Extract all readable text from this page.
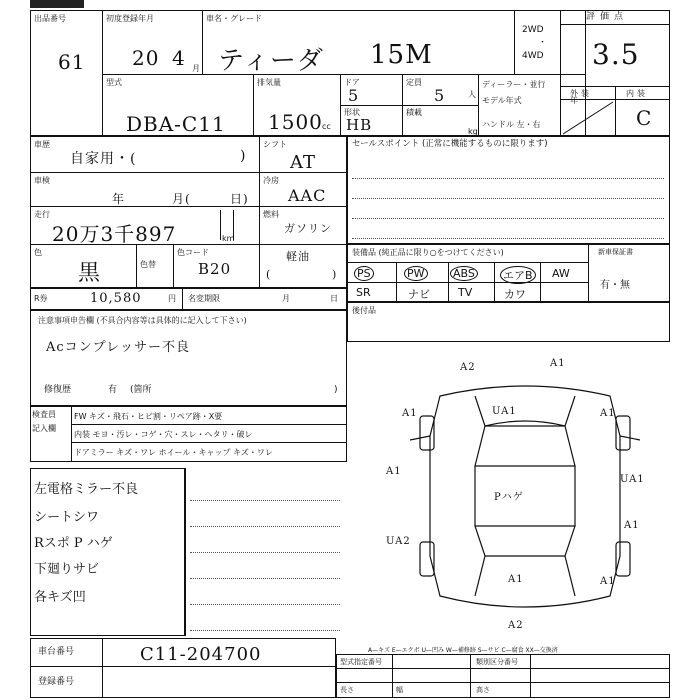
出品番号
61
初度登録年月
20 4 月
車名・グレード
ティーダ 15M
2WD
・
4WD
型式
DBA-C11
排気量
1500 cc
ドア
5
定員
5	人
形状
HB
積載
kg
ディーラー・並行
モデル年式	年
ハンドル 左・右
評価点
3.5
外装	内装
C
車歴
自家用・(	)
車検
年	月(	日)
走行
20万3千897	km
色
黒	色替
色コード
B20
シフト
AT
冷房
AAC
燃料
ガソリン
軽油
(	)
セールスポイント (正常に機能するものに限ります)
装備品 (純正品に限り○をつけてください)	新車保証書
PS	PW	ABS	エアB AW
SR	ナビ	TV	カワ
有・無
後付品
R券	10,580	円 名変期限	月	日
注意事項申告欄 (不具合内容等は具体的に記入して下さい)
Acコンプレッサー不良
修復歴	有 (箇所	)
検査員
記入欄
FW キズ・飛石・ヒビ割・リペア跡・X要
内装 モヨ・汚レ・コゲ・穴・スレ・ヘタリ・破レ
ドアミラー キズ・ワレ ホイール・キャップ キズ・ワレ
左電格ミラー不良
シートシワ
Rスポ P ハゲ
下廻りサビ
各キズ凹
UA1
A2	A1
A1	A1
A1
UA1
Pハゲ
A1
UA2
A1	A1
A2
A—キズ E—エクボ U—凹み W—補修跡 S—サビ C—腐食 XX—交換済
型式指定番号	類別区分番号
長さ	幅	高さ
車台番号	C11-204700
登録番号
